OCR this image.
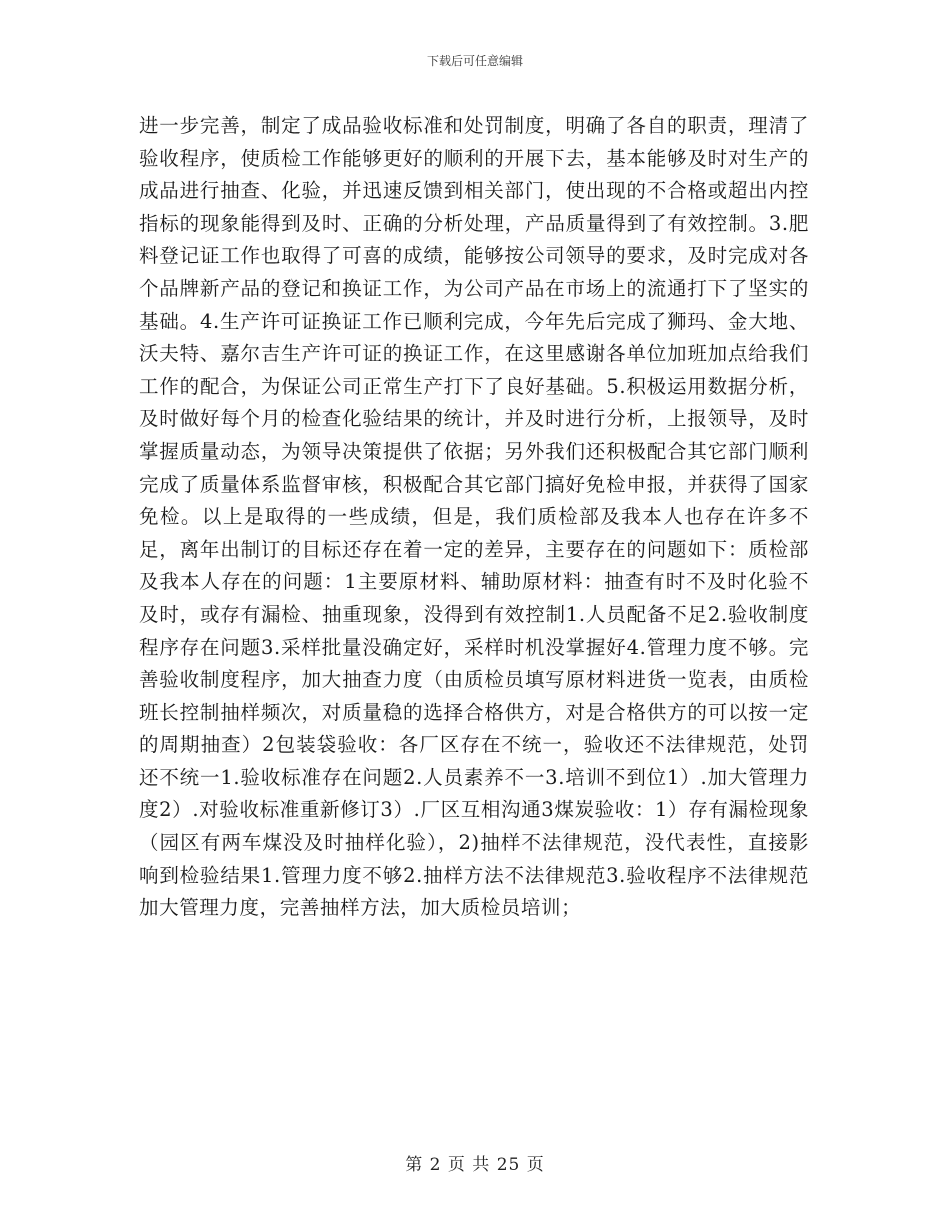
下载后可任意编辑

进一步完善，制定了成品验收标准和处罚制度，明确了各自的职责，理清了验收程序，使质检工作能够更好的顺利的开展下去，基本能够及时对生产的成品进行抽查、化验，并迅速反馈到相关部门，使出现的不合格或超出内控指标的现象能得到及时、正确的分析处理，产品质量得到了有效控制。3.肥料登记证工作也取得了可喜的成绩，能够按公司领导的要求，及时完成对各个品牌新产品的登记和换证工作，为公司产品在市场上的流通打下了坚实的基础。4.生产许可证换证工作已顺利完成，今年先后完成了狮玛、金大地、沃夫特、嘉尔吉生产许可证的换证工作，在这里感谢各单位加班加点给我们工作的配合，为保证公司正常生产打下了良好基础。5.积极运用数据分析，及时做好每个月的检查化验结果的统计，并及时进行分析，上报领导，及时掌握质量动态，为领导决策提供了依据；另外我们还积极配合其它部门顺利完成了质量体系监督审核，积极配合其它部门搞好免检申报，并获得了国家免检。以上是取得的一些成绩，但是，我们质检部及我本人也存在许多不足，离年出制订的目标还存在着一定的差异，主要存在的问题如下：质检部及我本人存在的问题：1主要原材料、辅助原材料：抽查有时不及时化验不及时，或存有漏检、抽重现象，没得到有效控制1.人员配备不足2.验收制度程序存在问题3.采样批量没确定好，采样时机没掌握好4.管理力度不够。完善验收制度程序，加大抽查力度（由质检员填写原材料进货一览表，由质检班长控制抽样频次，对质量稳的选择合格供方，对是合格供方的可以按一定的周期抽查）2包装袋验收：各厂区存在不统一，验收还不法律规范，处罚还不统一1.验收标准存在问题2.人员素养不一3.培训不到位1）.加大管理力度2）.对验收标准重新修订3）.厂区互相沟通3煤炭验收：1）存有漏检现象（园区有两车煤没及时抽样化验），2)抽样不法律规范，没代表性，直接影响到检验结果1.管理力度不够2.抽样方法不法律规范3.验收程序不法律规范加大管理力度，完善抽样方法，加大质检员培训；

第 2 页 共 25 页
